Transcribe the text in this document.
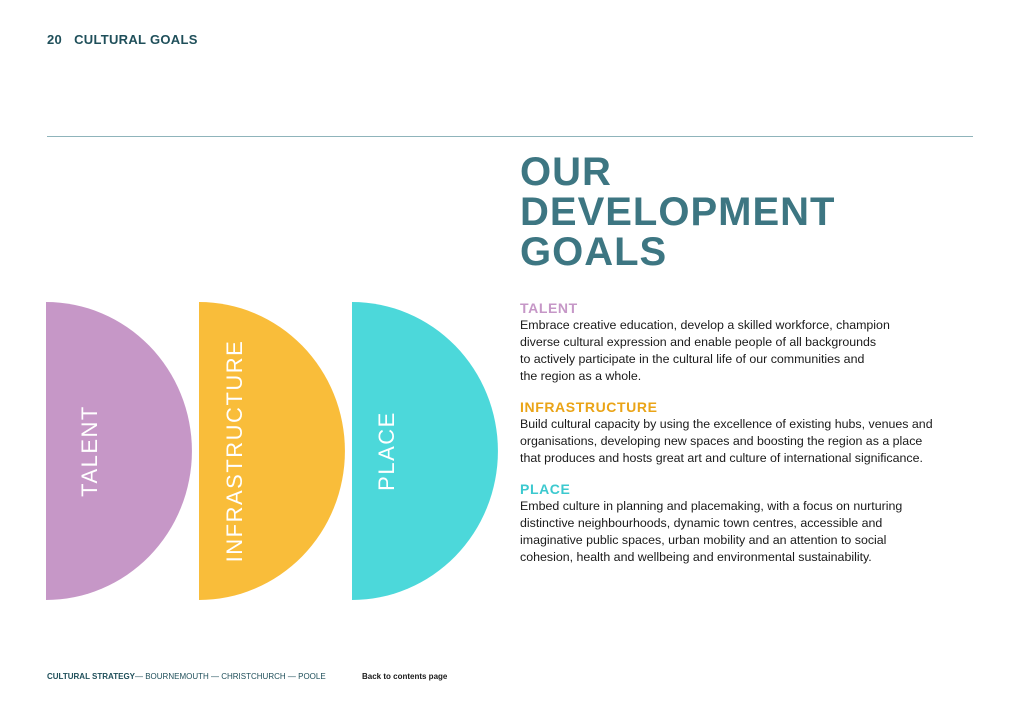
20 CULTURAL GOALS
TALENT	INFRASTRUCTURE	PLACE
OUR
DEVELOPMENT
GOALS
TALENT

Embrace creative education, develop a skilled workforce, champion
diverse cultural expression and enable people of all backgrounds
to actively participate in the cultural life of our communities and
the region as a whole.

INFRASTRUCTURE

Build cultural capacity by using the excellence of existing hubs, venues and
organisations, developing new spaces and boosting the region as a place
that produces and hosts great art and culture of international significance.

PLACE

Embed culture in planning and placemaking, with a focus on nurturing
distinctive neighbourhoods, dynamic town centres, accessible and
imaginative public spaces, urban mobility and an attention to social
cohesion, health and wellbeing and environmental sustainability.

CULTURAL STRATEGY— BOURNEMOUTH — CHRISTCHURCH — POOLE	Back to contents page
